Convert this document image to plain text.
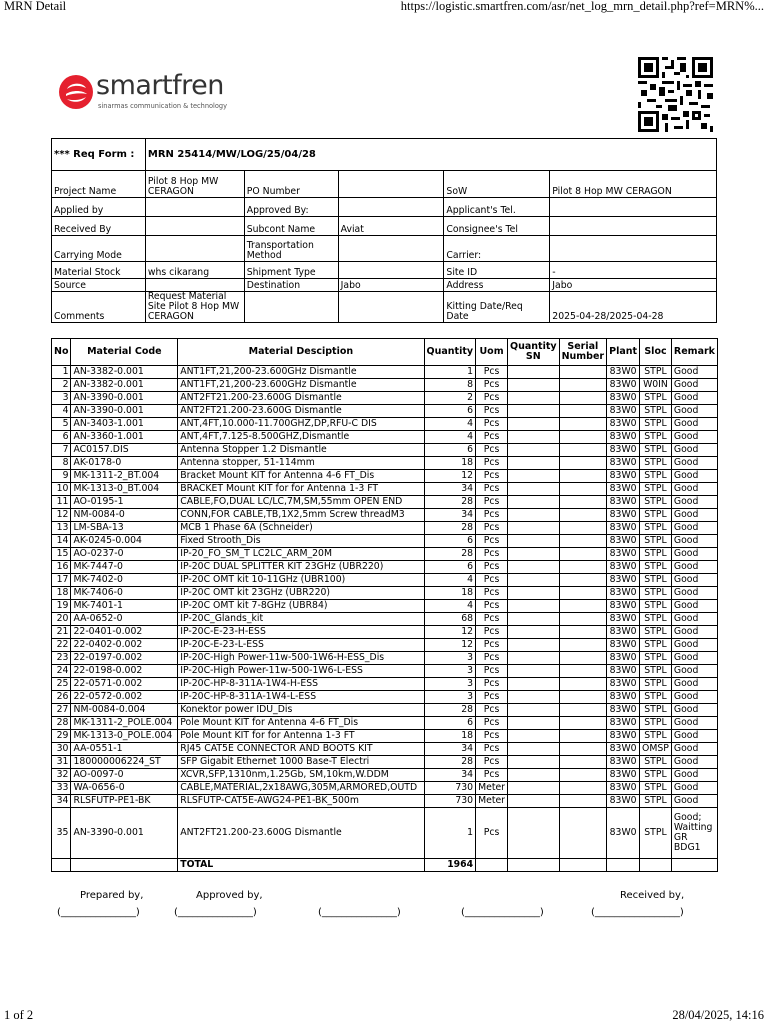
MRN Detail	https://logistic.smartfren.com/asr/net_log_mrn_detail.php?ref=MRN%...
smartfren
sinarmas communication & technology
*** Req Form :	MRN 25414/MW/LOG/25/04/28				
Project Name	Pilot 8 Hop MW CERAGON	PO Number		SoW	Pilot 8 Hop MW CERAGON
Applied by		Approved By:		Applicant's Tel.	
Received By		Subcont Name	Aviat	Consignee's Tel	
Carrying Mode		Transportation Method		Carrier:	
Material Stock	whs cikarang	Shipment Type		Site ID	-
Source		Destination	Jabo	Address	Jabo
Comments	Request Material Site Pilot 8 Hop MW CERAGON			Kitting Date/Req Date	2025-04-28/2025-04-28
No	Material Code	Material Desciption	Quantity	Uom	Quantity SN	Serial Number	Plant	Sloc	Remark
1	AN-3382-0.001	ANT1FT,21,200-23.600GHz Dismantle	1	Pcs			83W0	STPL	Good
2	AN-3382-0.001	ANT1FT,21,200-23.600GHz Dismantle	8	Pcs			83W0	W0IN	Good
3	AN-3390-0.001	ANT2FT21.200-23.600G Dismantle	2	Pcs			83W0	STPL	Good
4	AN-3390-0.001	ANT2FT21.200-23.600G Dismantle	6	Pcs			83W0	STPL	Good
5	AN-3403-1.001	ANT,4FT,10.000-11.700GHZ,DP,RFU-C DIS	4	Pcs			83W0	STPL	Good
6	AN-3360-1.001	ANT,4FT,7.125-8.500GHZ,Dismantle	4	Pcs			83W0	STPL	Good
7	AC0157.DIS	Antenna Stopper 1.2 Dismantle	6	Pcs			83W0	STPL	Good
8	AK-0178-0	Antenna stopper, 51-114mm	18	Pcs			83W0	STPL	Good
9	MK-1311-2_BT.004	Bracket Mount KIT for Antenna 4-6 FT_Dis	12	Pcs			83W0	STPL	Good
10	MK-1313-0_BT.004	BRACKET Mount KIT for for Antenna 1-3 FT	34	Pcs			83W0	STPL	Good
11	AO-0195-1	CABLE,FO,DUAL LC/LC,7M,SM,55mm OPEN END	28	Pcs			83W0	STPL	Good
12	NM-0084-0	CONN,FOR CABLE,TB,1X2,5mm Screw threadM3	34	Pcs			83W0	STPL	Good
13	LM-SBA-13	MCB 1 Phase 6A (Schneider)	28	Pcs			83W0	STPL	Good
14	AK-0245-0.004	Fixed Strooth_Dis	6	Pcs			83W0	STPL	Good
15	AO-0237-0	IP-20_FO_SM_T LC2LC_ARM_20M	28	Pcs			83W0	STPL	Good
16	MK-7447-0	IP-20C DUAL SPLITTER KIT 23GHz (UBR220)	6	Pcs			83W0	STPL	Good
17	MK-7402-0	IP-20C OMT kit 10-11GHz (UBR100)	4	Pcs			83W0	STPL	Good
18	MK-7406-0	IP-20C OMT kit 23GHz (UBR220)	18	Pcs			83W0	STPL	Good
19	MK-7401-1	IP-20C OMT kit 7-8GHz (UBR84)	4	Pcs			83W0	STPL	Good
20	AA-0652-0	IP-20C_Glands_kit	68	Pcs			83W0	STPL	Good
21	22-0401-0.002	IP-20C-E-23-H-ESS	12	Pcs			83W0	STPL	Good
22	22-0402-0.002	IP-20C-E-23-L-ESS	12	Pcs			83W0	STPL	Good
23	22-0197-0.002	IP-20C-High Power-11w-500-1W6-H-ESS_Dis	3	Pcs			83W0	STPL	Good
24	22-0198-0.002	IP-20C-High Power-11w-500-1W6-L-ESS	3	Pcs			83W0	STPL	Good
25	22-0571-0.002	IP-20C-HP-8-311A-1W4-H-ESS	3	Pcs			83W0	STPL	Good
26	22-0572-0.002	IP-20C-HP-8-311A-1W4-L-ESS	3	Pcs			83W0	STPL	Good
27	NM-0084-0.004	Konektor power IDU_Dis	28	Pcs			83W0	STPL	Good
28	MK-1311-2_POLE.004	Pole Mount KIT for Antenna 4-6 FT_Dis	6	Pcs			83W0	STPL	Good
29	MK-1313-0_POLE.004	Pole Mount KIT for for Antenna 1-3 FT	18	Pcs			83W0	STPL	Good
30	AA-0551-1	RJ45 CAT5E CONNECTOR AND BOOTS KIT	34	Pcs			83W0	OMSP	Good
31	180000006224_ST	SFP Gigabit Ethernet 1000 Base-T Electri	28	Pcs			83W0	STPL	Good
32	AO-0097-0	XCVR,SFP,1310nm,1.25Gb, SM,10km,W.DDM	34	Pcs			83W0	STPL	Good
33	WA-0656-0	CABLE,MATERIAL,2x18AWG,305M,ARMORED,OUTD	730	Meter			83W0	STPL	Good
34	RLSFUTP-PE1-BK	RLSFUTP-CAT5E-AWG24-PE1-BK_500m	730	Meter			83W0	STPL	Good
35	AN-3390-0.001	ANT2FT21.200-23.600G Dismantle	1	Pcs			83W0	STPL	Good;
Waitting
GR
BDG1
		TOTAL	1964						
Prepared by,	Approved by,	Received by,
(_______________)	(_______________)	(_______________)	(_______________)	(_________________)
1 of 2	28/04/2025, 14:16
